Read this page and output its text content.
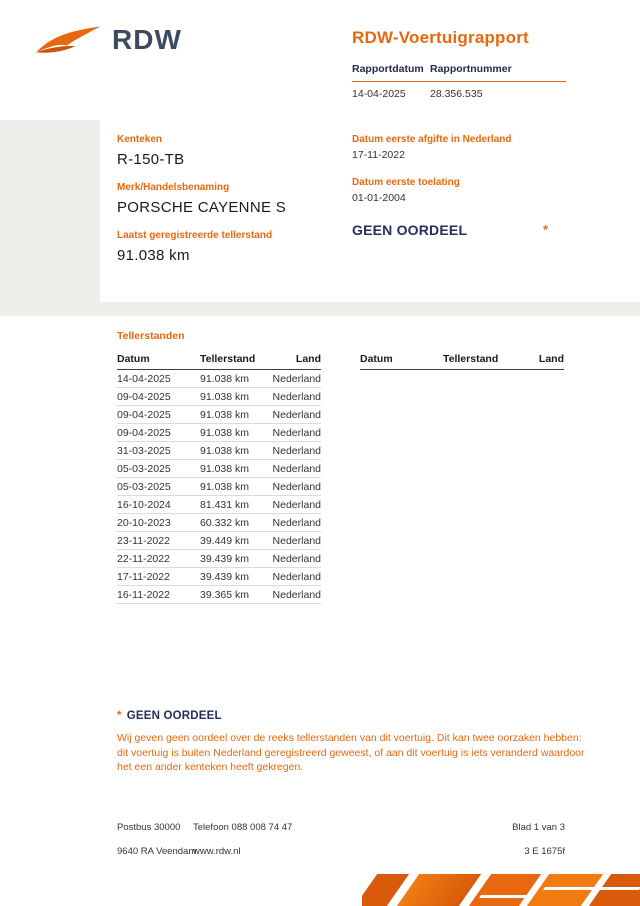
RDW	RDW-Voertuigrapport
Rapportdatum Rapportnummer
14-04-2025	28.356.535
Kenteken
R-150-TB
Merk/Handelsbenaming
PORSCHE CAYENNE S
Laatst geregistreerde tellerstand
91.038 km
Datum eerste afgifte in Nederland
17-11-2022
Datum eerste toelating
01-01-2004
GEEN OORDEEL	*
Tellerstanden
Datum	Tellerstand	Land
14-04-2025	91.038 km	Nederland
09-04-2025	91.038 km	Nederland
09-04-2025	91.038 km	Nederland
09-04-2025	91.038 km	Nederland
31-03-2025	91.038 km	Nederland
05-03-2025	91.038 km	Nederland
05-03-2025	91.038 km	Nederland
16-10-2024	81.431 km	Nederland
20-10-2023	60.332 km	Nederland
23-11-2022	39.449 km	Nederland
22-11-2022	39.439 km	Nederland
17-11-2022	39.439 km	Nederland
16-11-2022	39.365 km	Nederland
Datum	Tellerstand	Land
* GEEN OORDEEL
Wij geven geen oordeel over de reeks tellerstanden van dit voertuig. Dit kan twee oorzaken hebben: dit voertuig is buiten Nederland geregistreerd geweest, of aan dit voertuig is iets veranderd waardoor het een ander kenteken heeft gekregen.
Postbus 30000
9640 RA Veendam
Telefoon 088 008 74 47
www.rdw.nl
Blad 1 van 3
3 E 1675f
